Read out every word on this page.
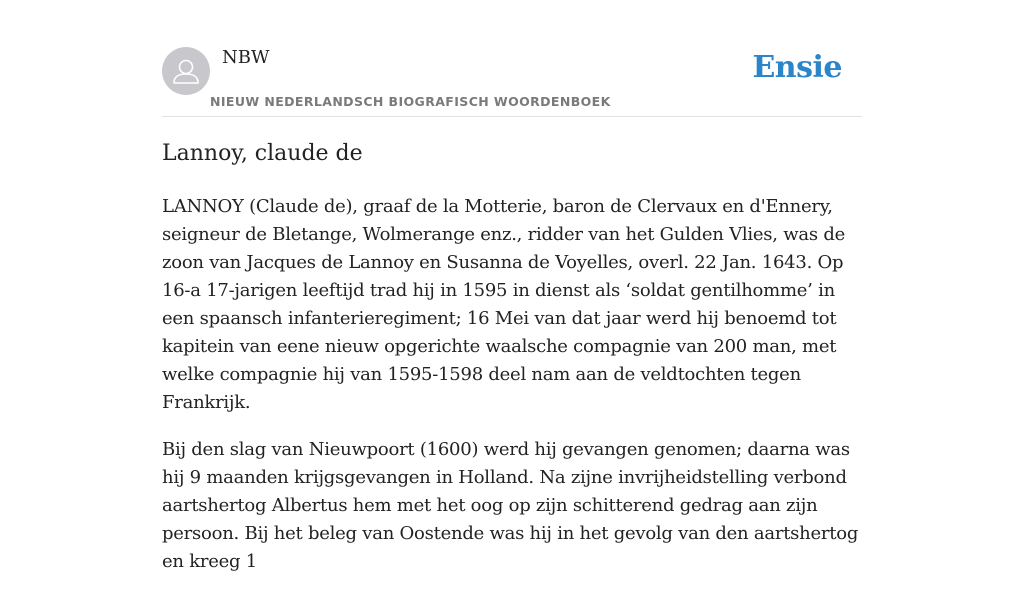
NBW
NIEUW NEDERLANDSCH BIOGRAFISCH WOORDENBOEK
Ensie
Lannoy, claude de

LANNOY (Claude de), graaf de la Motterie, baron de Clervaux en d'Ennery, seigneur de Bletange, Wolmerange enz., ridder van het Gulden Vlies, was de zoon van Jacques de Lannoy en Susanna de Voyelles, overl. 22 Jan. 1643. Op 16-a 17-jarigen leeftijd trad hij in 1595 in dienst als ‘soldat gentilhomme’ in een spaansch infanterieregiment; 16 Mei van dat jaar werd hij benoemd tot kapitein van eene nieuw opgerichte waalsche compagnie van 200 man, met welke compagnie hij van 1595-1598 deel nam aan de veldtochten tegen Frankrijk.

Bij den slag van Nieuwpoort (1600) werd hij gevangen genomen; daarna was hij 9 maanden krijgsgevangen in Holland. Na zijne invrijheidstelling verbond aartshertog Albertus hem met het oog op zijn schitterend gedrag aan zijn persoon. Bij het beleg van Oostende was hij in het gevolg van den aartshertog en kreeg 1
